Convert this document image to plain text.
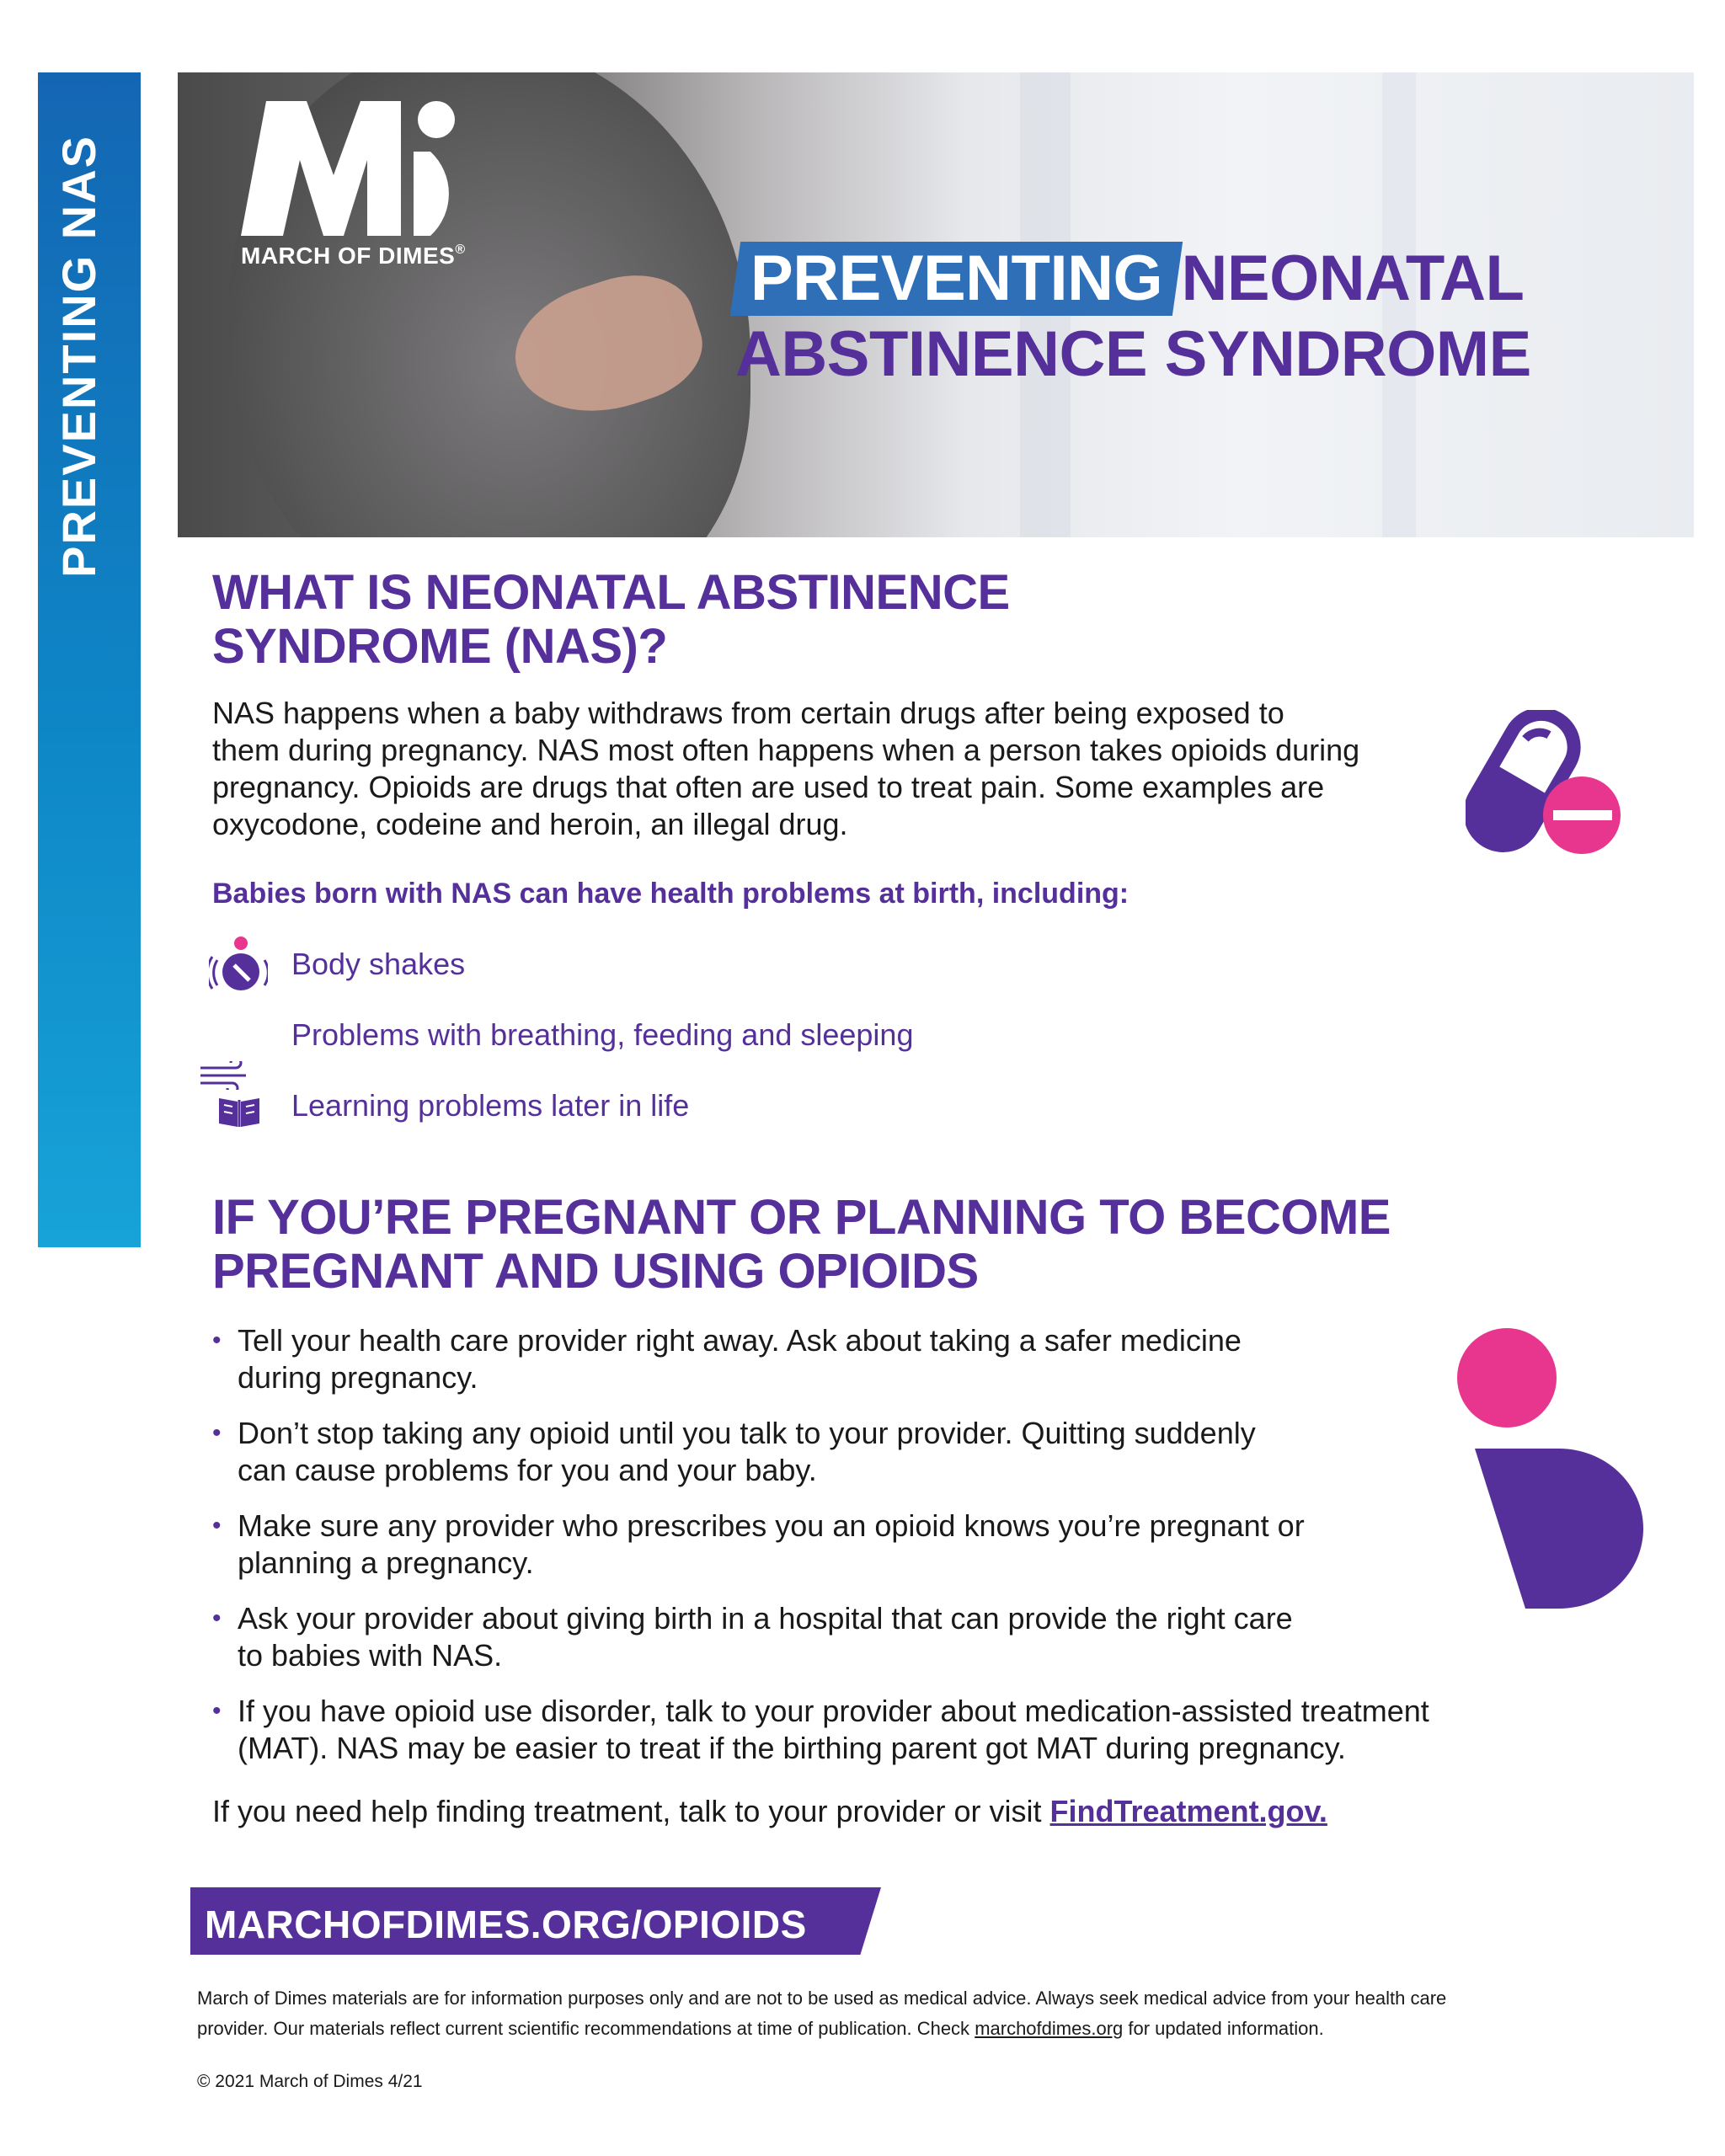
PREVENTING NAS	MARCH OF DIMES®	PREVENTING NEONATAL
ABSTINENCE SYNDROME
WHAT IS NEONATAL ABSTINENCE
SYNDROME (NAS)?
NAS happens when a baby withdraws from certain drugs after being exposed to
them during pregnancy. NAS most often happens when a person takes opioids during
pregnancy. Opioids are drugs that often are used to treat pain. Some examples are
oxycodone, codeine and heroin, an illegal drug.
Babies born with NAS can have health problems at birth, including:
Body shakes
Problems with breathing, feeding and sleeping
Learning problems later in life
IF YOU’RE PREGNANT OR PLANNING TO BECOME
PREGNANT AND USING OPIOIDS
• Tell your health care provider right away. Ask about taking a safer medicine
during pregnancy.
• Don’t stop taking any opioid until you talk to your provider. Quitting suddenly
can cause problems for you and your baby.
• Make sure any provider who prescribes you an opioid knows you’re pregnant or
planning a pregnancy.
• Ask your provider about giving birth in a hospital that can provide the right care
to babies with NAS.
• If you have opioid use disorder, talk to your provider about medication-assisted treatment
(MAT). NAS may be easier to treat if the birthing parent got MAT during pregnancy.
If you need help finding treatment, talk to your provider or visit FindTreatment.gov.
MARCHOFDIMES.ORG/OPIOIDS
March of Dimes materials are for information purposes only and are not to be used as medical advice. Always seek medical advice from your health care
provider. Our materials reflect current scientific recommendations at time of publication. Check marchofdimes.org for updated information.
© 2021 March of Dimes 4/21
